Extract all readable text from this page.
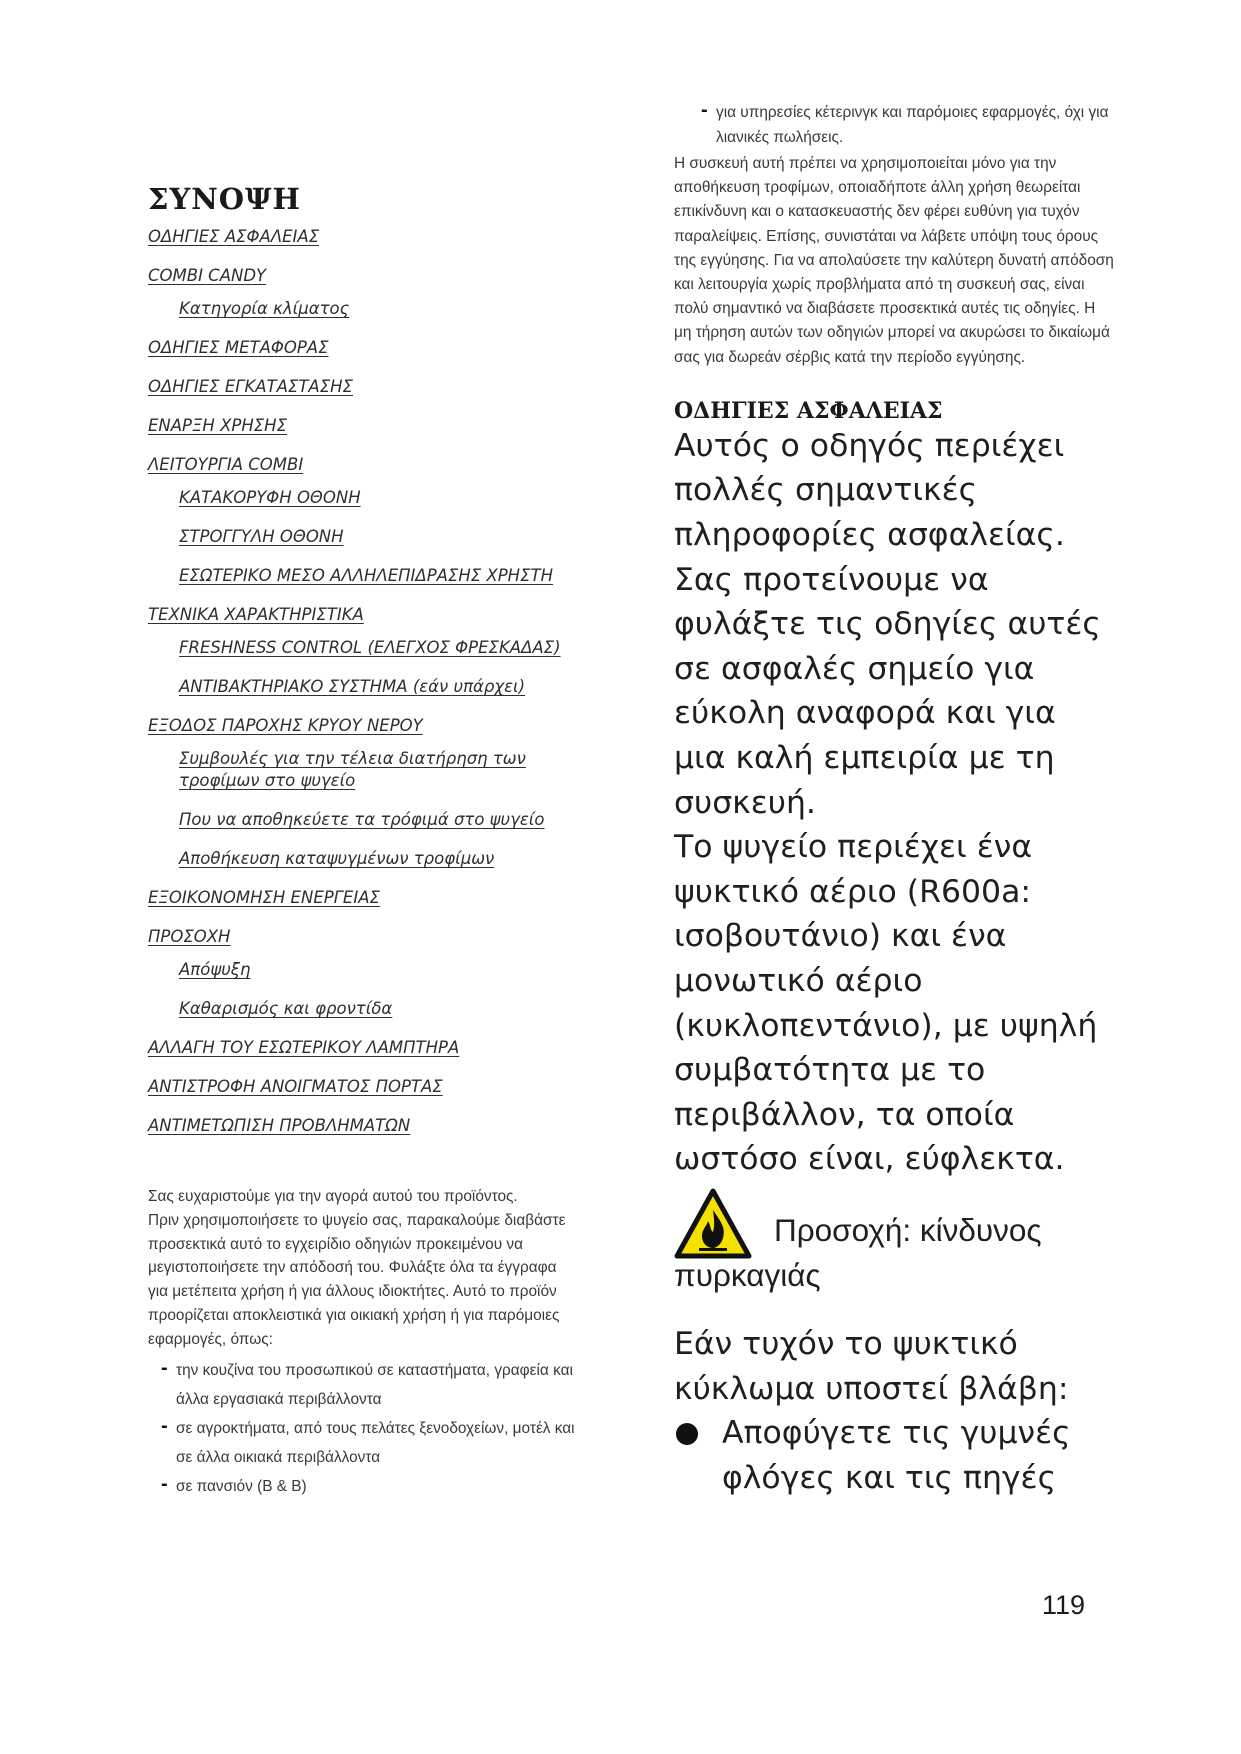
ΣΥΝΟΨΗ
ΟΔΗΓΙΕΣ ΑΣΦΑΛΕΙΑΣ
COMBI CANDY
Κατηγορία κλίματος
ΟΔΗΓΙΕΣ ΜΕΤΑΦΟΡΑΣ
ΟΔΗΓΙΕΣ ΕΓΚΑΤΑΣΤΑΣΗΣ
ΕΝΑΡΞΗ ΧΡΗΣΗΣ
ΛΕΙΤΟΥΡΓΙΑ COMBI
ΚΑΤΑΚΟΡΥΦΗ ΟΘΟΝΗ
ΣΤΡΟΓΓΥΛΗ ΟΘΟΝΗ
ΕΣΩΤΕΡΙΚΟ ΜΕΣΟ ΑΛΛΗΛΕΠΙΔΡΑΣΗΣ ΧΡΗΣΤΗ
ΤΕΧΝΙΚΑ ΧΑΡΑΚΤΗΡΙΣΤΙΚΑ
FRESHNESS CONTROL (ΕΛΕΓΧΟΣ ΦΡΕΣΚΑΔΑΣ)
ΑΝΤΙΒΑΚΤΗΡΙΑΚΟ ΣΥΣΤΗΜΑ (εάν υπάρχει)
ΕΞΟΔΟΣ ΠΑΡΟΧΗΣ ΚΡΥΟΥ ΝΕΡΟΥ
Συμβουλές για την τέλεια διατήρηση των τροφίμων στο ψυγείο
Που να αποθηκεύετε τα τρόφιμά στο ψυγείο
Αποθήκευση καταψυγμένων τροφίμων
ΕΞΟΙΚΟΝΟΜΗΣΗ ΕΝΕΡΓΕΙΑΣ
ΠΡΟΣΟΧΗ
Απόψυξη
Καθαρισμός και φροντίδα
ΑΛΛΑΓΗ ΤΟΥ ΕΣΩΤΕΡΙΚΟΥ ΛΑΜΠΤΗΡΑ
ΑΝΤΙΣΤΡΟΦΗ ΑΝΟΙΓΜΑΤΟΣ ΠΟΡΤΑΣ
ΑΝΤΙΜΕΤΩΠΙΣΗ ΠΡΟΒΛΗΜΑΤΩΝ

Σας ευχαριστούμε για την αγορά αυτού του προϊόντος.

Πριν χρησιμοποιήσετε το ψυγείο σας, παρακαλούμε διαβάστε προσεκτικά αυτό το εγχειρίδιο οδηγιών προκειμένου να μεγιστοποιήσετε την απόδοσή του. Φυλάξτε όλα τα έγγραφα για μετέπειτα χρήση ή για άλλους ιδιοκτήτες. Αυτό το προϊόν προορίζεται αποκλειστικά για οικιακή χρήση ή για παρόμοιες εφαρμογές, όπως:

- την κουζίνα του προσωπικού σε καταστήματα, γραφεία και άλλα εργασιακά περιβάλλοντα
- σε αγροκτήματα, από τους πελάτες ξενοδοχείων, μοτέλ και σε άλλα οικιακά περιβάλλοντα
- σε πανσιόν (B & B)
- για υπηρεσίες κέτερινγκ και παρόμοιες εφαρμογές, όχι για λιανικές πωλήσεις.

Η συσκευή αυτή πρέπει να χρησιμοποιείται μόνο για την αποθήκευση τροφίμων, οποιαδήποτε άλλη χρήση θεωρείται επικίνδυνη και ο κατασκευαστής δεν φέρει ευθύνη για τυχόν παραλείψεις. Επίσης, συνιστάται να λάβετε υπόψη τους όρους της εγγύησης. Για να απολαύσετε την καλύτερη δυνατή απόδοση και λειτουργία χωρίς προβλήματα από τη συσκευή σας, είναι πολύ σημαντικό να διαβάσετε προσεκτικά αυτές τις οδηγίες. Η μη τήρηση αυτών των οδηγιών μπορεί να ακυρώσει το δικαίωμά σας για δωρεάν σέρβις κατά την περίοδο εγγύησης.

ΟΔΗΓΙΕΣ ΑΣΦΑΛΕΙΑΣ

Αυτός ο οδηγός περιέχει πολλές σημαντικές πληροφορίες ασφαλείας. Σας προτείνουμε να φυλάξτε τις οδηγίες αυτές σε ασφαλές σημείο για εύκολη αναφορά και για μια καλή εμπειρία με τη συσκευή.

Το ψυγείο περιέχει ένα ψυκτικό αέριο (R600a: ισοβουτάνιο) και ένα μονωτικό αέριο (κυκλοπεντάνιο), με υψηλή συμβατότητα με το περιβάλλον, τα οποία ωστόσο είναι, εύφλεκτα.

Προσοχή: κίνδυνος
πυρκαγιάς

Εάν τυχόν το ψυκτικό κύκλωμα υποστεί βλάβη:

Αποφύγετε τις γυμνές φλόγες και τις πηγές

119
